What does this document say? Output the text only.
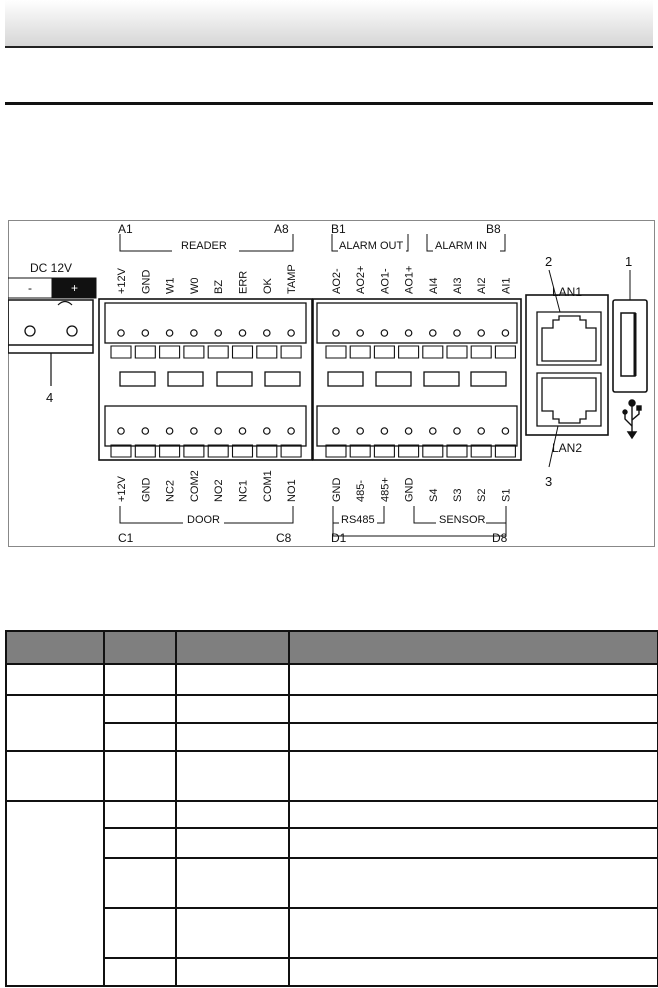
DC 12V
-	+
4
A1	A8
READER
B1	B8
ALARM OUT	ALARM IN
DOOR
C1	C8
RS485	SENSOR
D1	D8
2
LAN1
LAN2
3
1
+12V GND W1 W0 BZ ERR OK TAMP
+12V GND NC2 COM2 NO2 NC1 COM1 NO1
AO2- AO2+ AO1- AO1+ AI4 AI3 AI2 AI1
GND 485- 485+ GND S4 S3 S2 S1
